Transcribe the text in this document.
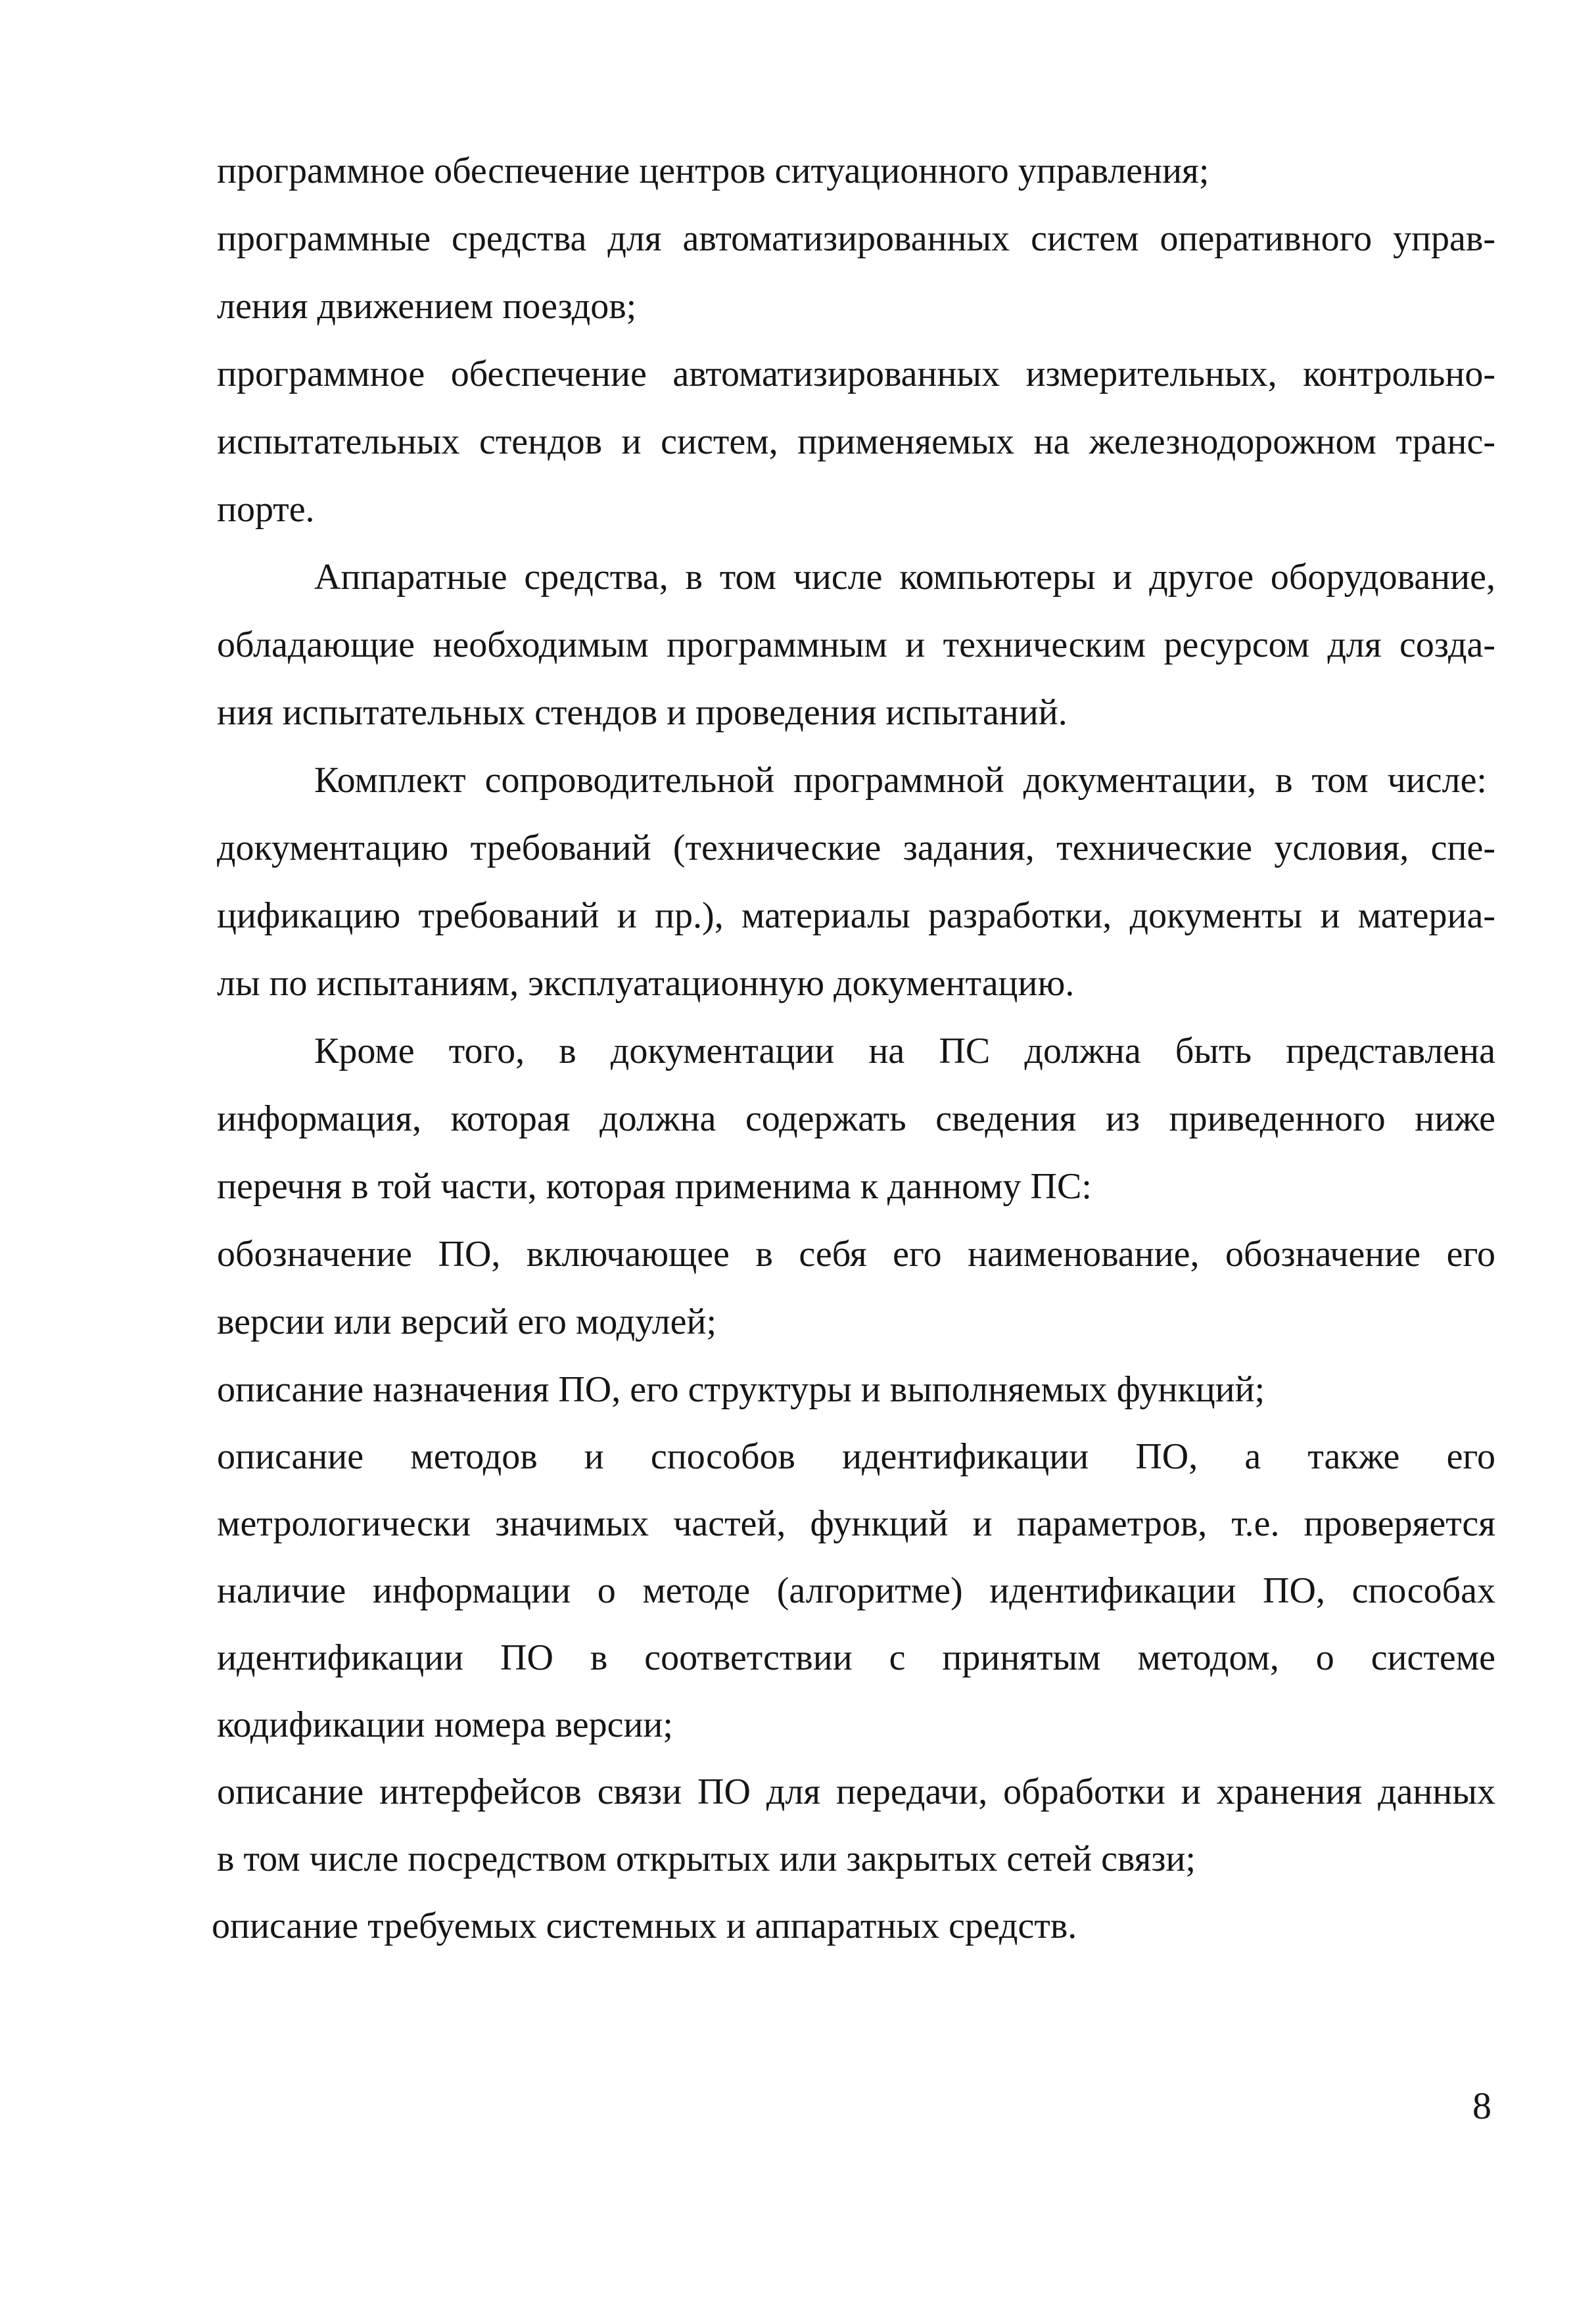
программное обеспечение центров ситуационного управления;
программные средства для автоматизированных систем оперативного управ-
ления движением поездов;
программное обеспечение автоматизированных измерительных, контрольно-
испытательных стендов и систем, применяемых на железнодорожном транс-
порте.
Аппаратные средства, в том числе компьютеры и другое оборудование,
обладающие необходимым программным и техническим ресурсом для созда-
ния испытательных стендов и проведения испытаний.
Комплект сопроводительной программной документации, в том числе:
документацию требований (технические задания, технические условия, спе-
цификацию требований и пр.), материалы разработки, документы и материа-
лы по испытаниям, эксплуатационную документацию.
Кроме того, в документации на ПС должна быть представлена
информация, которая должна содержать сведения из приведенного ниже
перечня в той части, которая применима к данному ПС:
обозначение ПО, включающее в себя его наименование, обозначение его
версии или версий его модулей;
описание назначения ПО, его структуры и выполняемых функций;
описание методов и способов идентификации ПО, а также его
метрологически значимых частей, функций и параметров, т.е. проверяется
наличие информации о методе (алгоритме) идентификации ПО, способах
идентификации ПО в соответствии с принятым методом, о системе
кодификации номера версии;
описание интерфейсов связи ПО для передачи, обработки и хранения данных
в том числе посредством открытых или закрытых сетей связи;
описание требуемых системных и аппаратных средств.
8
